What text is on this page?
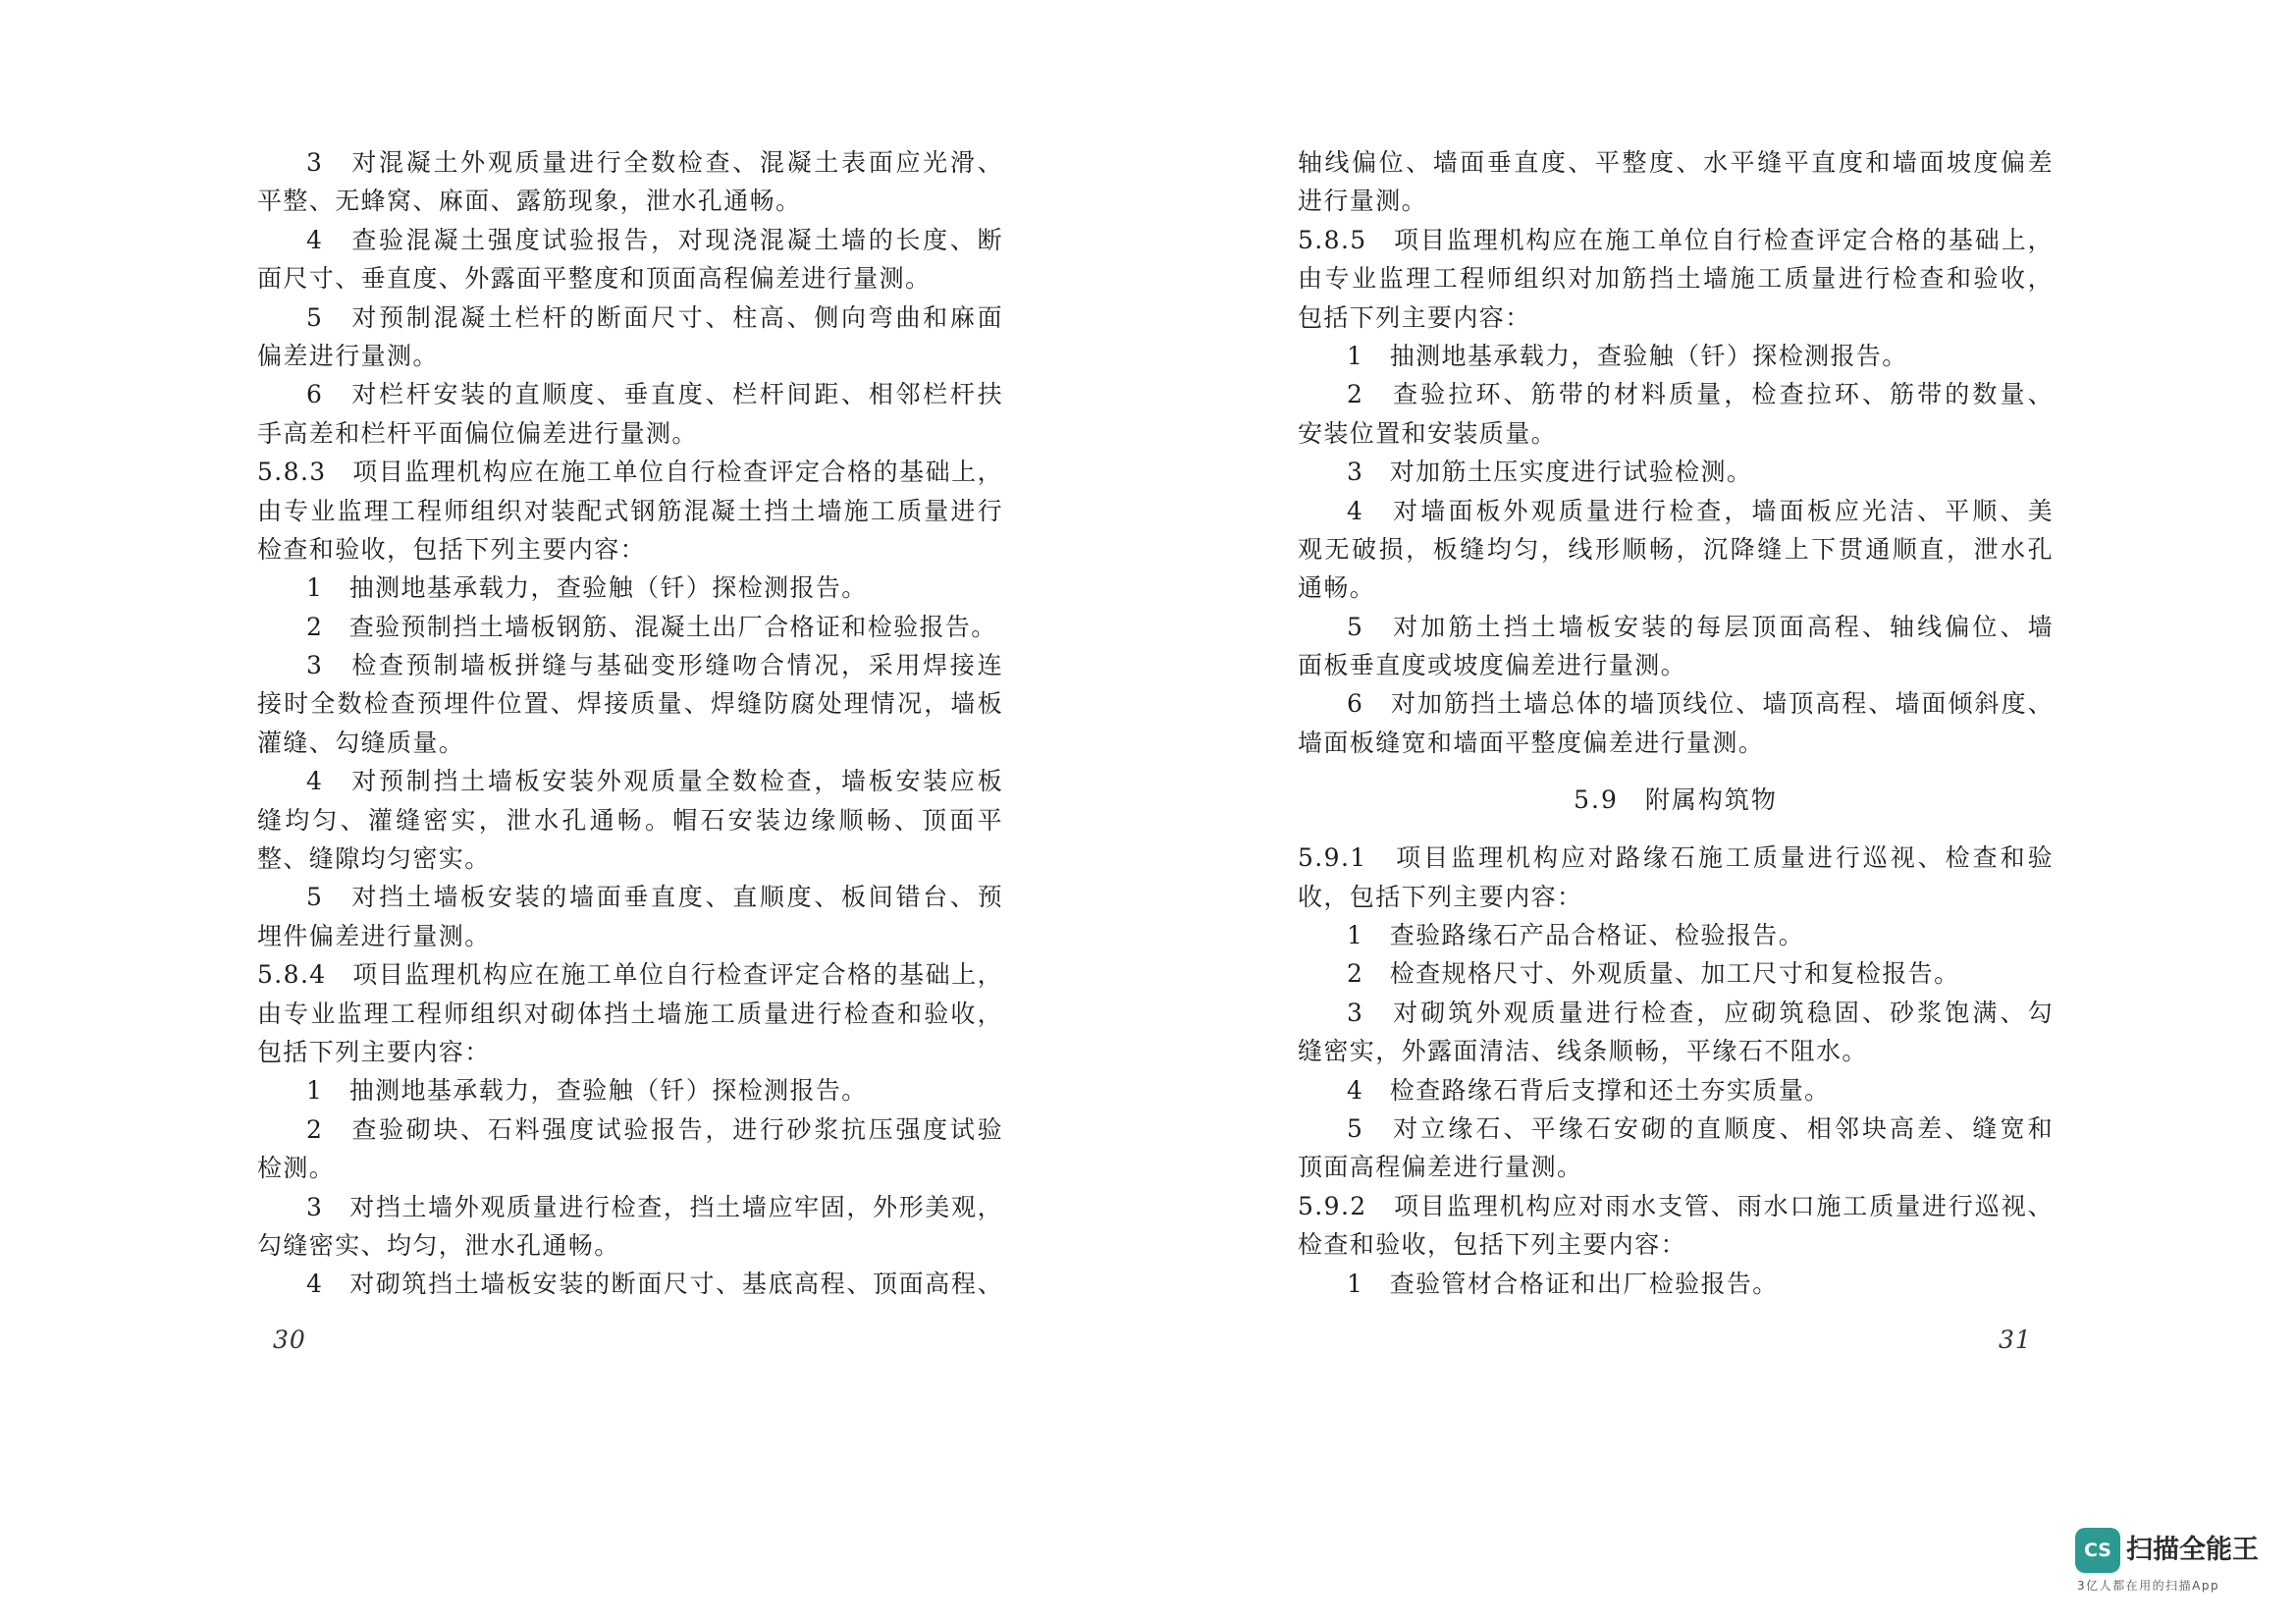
3　对混凝土外观质量进行全数检查、混凝土表面应光滑、
平整、无蜂窝、麻面、露筋现象，泄水孔通畅。
4　查验混凝土强度试验报告，对现浇混凝土墙的长度、断
面尺寸、垂直度、外露面平整度和顶面高程偏差进行量测。
5　对预制混凝土栏杆的断面尺寸、柱高、侧向弯曲和麻面
偏差进行量测。
6　对栏杆安装的直顺度、垂直度、栏杆间距、相邻栏杆扶
手高差和栏杆平面偏位偏差进行量测。
5.8.3　项目监理机构应在施工单位自行检查评定合格的基础上，
由专业监理工程师组织对装配式钢筋混凝土挡土墙施工质量进行
检查和验收，包括下列主要内容：
1　抽测地基承载力，查验触（钎）探检测报告。
2　查验预制挡土墙板钢筋、混凝土出厂合格证和检验报告。
3　检查预制墙板拼缝与基础变形缝吻合情况，采用焊接连
接时全数检查预埋件位置、焊接质量、焊缝防腐处理情况，墙板
灌缝、勾缝质量。
4　对预制挡土墙板安装外观质量全数检查，墙板安装应板
缝均匀、灌缝密实，泄水孔通畅。帽石安装边缘顺畅、顶面平
整、缝隙均匀密实。
5　对挡土墙板安装的墙面垂直度、直顺度、板间错台、预
埋件偏差进行量测。
5.8.4　项目监理机构应在施工单位自行检查评定合格的基础上，
由专业监理工程师组织对砌体挡土墙施工质量进行检查和验收，
包括下列主要内容：
1　抽测地基承载力，查验触（钎）探检测报告。
2　查验砌块、石料强度试验报告，进行砂浆抗压强度试验
检测。
3　对挡土墙外观质量进行检查，挡土墙应牢固，外形美观，
勾缝密实、均匀，泄水孔通畅。
4　对砌筑挡土墙板安装的断面尺寸、基底高程、顶面高程、
轴线偏位、墙面垂直度、平整度、水平缝平直度和墙面坡度偏差
进行量测。
5.8.5　项目监理机构应在施工单位自行检查评定合格的基础上，
由专业监理工程师组织对加筋挡土墙施工质量进行检查和验收，
包括下列主要内容：
1　抽测地基承载力，查验触（钎）探检测报告。
2　查验拉环、筋带的材料质量，检查拉环、筋带的数量、
安装位置和安装质量。
3　对加筋土压实度进行试验检测。
4　对墙面板外观质量进行检查，墙面板应光洁、平顺、美
观无破损，板缝均匀，线形顺畅，沉降缝上下贯通顺直，泄水孔
通畅。
5　对加筋土挡土墙板安装的每层顶面高程、轴线偏位、墙
面板垂直度或坡度偏差进行量测。
6　对加筋挡土墙总体的墙顶线位、墙顶高程、墙面倾斜度、
墙面板缝宽和墙面平整度偏差进行量测。
5.9　附属构筑物
5.9.1　项目监理机构应对路缘石施工质量进行巡视、检查和验
收，包括下列主要内容：
1　查验路缘石产品合格证、检验报告。
2　检查规格尺寸、外观质量、加工尺寸和复检报告。
3　对砌筑外观质量进行检查，应砌筑稳固、砂浆饱满、勾
缝密实，外露面清洁、线条顺畅，平缘石不阻水。
4　检查路缘石背后支撑和还土夯实质量。
5　对立缘石、平缘石安砌的直顺度、相邻块高差、缝宽和
顶面高程偏差进行量测。
5.9.2　项目监理机构应对雨水支管、雨水口施工质量进行巡视、
检查和验收，包括下列主要内容：
1　查验管材合格证和出厂检验报告。
30	31
CS 扫描全能王
3亿人都在用的扫描App
